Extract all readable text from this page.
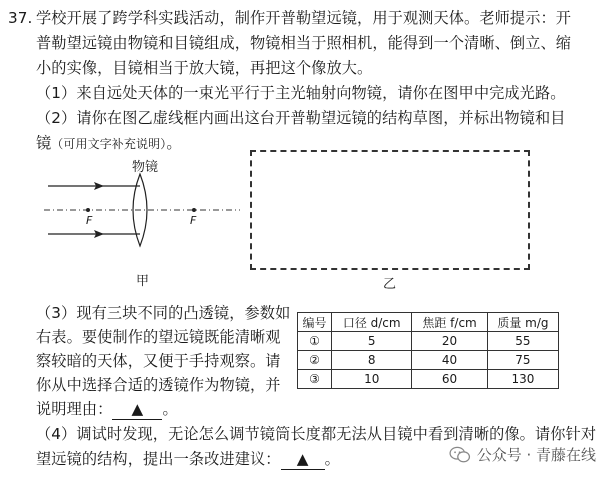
37. 学校开展了跨学科实践活动，制作开普勒望远镜，用于观测天体。老师提示：开
普勒望远镜由物镜和目镜组成，物镜相当于照相机，能得到一个清晰、倒立、缩
小的实像，目镜相当于放大镜，再把这个像放大。
（1）来自远处天体的一束光平行于主光轴射向物镜，请你在图甲中完成光路。
（2）请你在图乙虚线框内画出这台开普勒望远镜的结构草图，并标出物镜和目
镜（可用文字补充说明）。
物镜
F	F
甲	乙
（3）现有三块不同的凸透镜，参数如
右表。要使制作的望远镜既能清晰观
察较暗的天体，又便于手持观察。请
你从中选择合适的透镜作为物镜，并
说明理由： ▲ 。
编号	口径 d/cm	焦距 f/cm	质量 m/g
①	5	20	55
②	8	40	75
③	10	60	130
（4）调试时发现，无论怎么调节镜筒长度都无法从目镜中看到清晰的像。请你针对
望远镜的结构，提出一条改进建议： ▲ 。	公众号 · 青藤在线
